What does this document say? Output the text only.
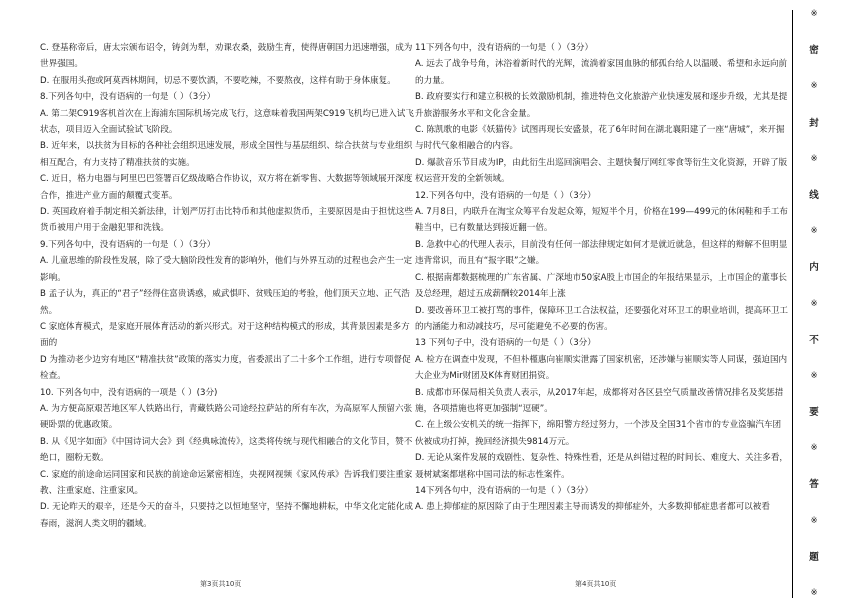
C. 登基称帝后，唐太宗颁布诏令，铸剑为犁，劝课农桑，鼓励生育，使得唐朝国力迅速增强，成为世界强国。

D. 在服用头孢或阿莫西林期间，切忌不要饮酒，不要吃辣，不要熬夜，这样有助于身体康复。

8.下列各句中，没有语病的一句是（ ）（3分）

A. 第二架C919客机首次在上海浦东国际机场完成飞行，这意味着我国两架C919飞机均已进入试飞状态，项目迈入全面试验试飞阶段。

B. 近年来，以扶贫为目标的各种社会组织迅速发展，形成全国性与基层组织、综合扶贫与专业组织相互配合，有力支持了精准扶贫的实施。

C. 近日，格力电器与阿里巴巴签署百亿级战略合作协议，双方将在新零售、大数据等领域展开深度合作，推进产业方面的颠覆式变革。

D. 英国政府着手制定相关新法律，计划严厉打击比特币和其他虚拟货币，主要原因是由于担忧这些货币被用户用于金融犯罪和洗钱。

9.下列各句中，没有语病的一句是（ ）（3分）

A. 儿童思维的阶段性发展，除了受大脑阶段性发育的影响外，他们与外界互动的过程也会产生一定影响。

B 孟子认为，真正的“君子”经得住富贵诱惑，威武惧吓、贫贱压迫的考验，他们顶天立地、正气浩然。

C 家庭体育模式，是家庭开展体育活动的新兴形式。对于这种结构模式的形成，其背景因素是多方面的

D 为推动老少边穷有地区“精准扶贫”政策的落实力度，省委派出了二十多个工作组，进行专项督促检查。

10. 下列各句中，没有语病的一项是（ ）(3分)

A. 为方便高原艰苦地区军人铁路出行，青藏铁路公司途经拉萨站的所有车次，为高原军人预留六张硬卧票的优惠政策。

B. 从《见字如面》《中国诗词大会》到《经典咏流传》，这类将传统与现代相融合的文化节目，赞不绝口，圈粉无数。

C. 家庭的前途命运同国家和民族的前途命运紧密相连，央视网视频《家风传承》告诉我们要注重家教、注重家庭、注重家风。

D. 无论昨天的艰辛，还是今天的奋斗，只要持之以恒地坚守，坚持不懈地耕耘，中华文化定能化成春雨，滋润人类文明的疆域。

11下列各句中，没有语病的一句是（ ）（3分）

A. 远去了战争号角，沐浴着新时代的光辉，流淌着家国血脉的郁孤台给人以温暖、希望和永远向前的力量。

B. 政府要实行和建立积极的长效激励机制，推进特色文化旅游产业快速发展和逐步升级，尤其是提升旅游服务水平和文化含金量。

C. 陈凯歌的电影《妖猫传》试图再现长安盛景，花了6年时间在湖北襄阳建了一座“唐城”，来开掘与时代气象相融合的内容。

D. 爆款音乐节目成为IP，由此衍生出巡回演唱会、主题快餐厅网红零食等衍生文化资源，开辟了版权运营开发的全新领域。

12.下列各句中，没有语病的一句是（ ）（3分）

A. 7月8日，内联升在淘宝众筹平台发起众筹，短短半个月，价格在199—499元的休闲鞋和手工布鞋当中，已有数量达到接近翻一倍。

B. 急救中心的代理人表示，目前没有任何一部法律规定如何才是就近就急，但这样的辩解不但明显违背常识，而且有“报字眼”之嫌。

C. 根据南都数据梳理的广东省属、广深地市50家A股上市国企的年报结果显示，上市国企的董事长及总经理，超过五成薪酬较2014年上涨

D. 要改善环卫工被打骂的事件，保障环卫工合法权益，还要强化对环卫工的职业培训，提高环卫工的内涵能力和动减技巧，尽可能避免不必要的伤害。

13 下列句子中，没有语病的一句是（ ）（3分）

A. 检方在调查中发现，不但朴槿惠向崔顺实泄露了国家机密，还涉嫌与崔顺实等人同谋，强迫国内大企业为Mir财团及K体育财团捐资。

B. 成都市环保局相关负责人表示，从2017年起，成都将对各区县空气质量改善情况排名及奖惩措施，各项措施也将更加强制“逗硬”。

C. 在上级公安机关的统一指挥下，绵阳警方经过努力，一个涉及全国31个省市的专业盗骗汽车团伙被成功打掉，挽回经济损失9814万元。

D. 无论从案件发展的戏剧性、复杂性、特殊性看，还是从纠错过程的时间长、难度大、关注多看，聂树斌案都堪称中国司法的标志性案件。

14下列各句中，没有语病的一句是（ ）（3分）

A. 患上抑郁症的原因除了由于生理因素主导而诱发的抑郁症外，大多数抑郁症患者都可以被看

第3页共10页	第4页共10页
※
密
※
封
※
线
※
内
※
不
※
要
※
答
※
题
※
